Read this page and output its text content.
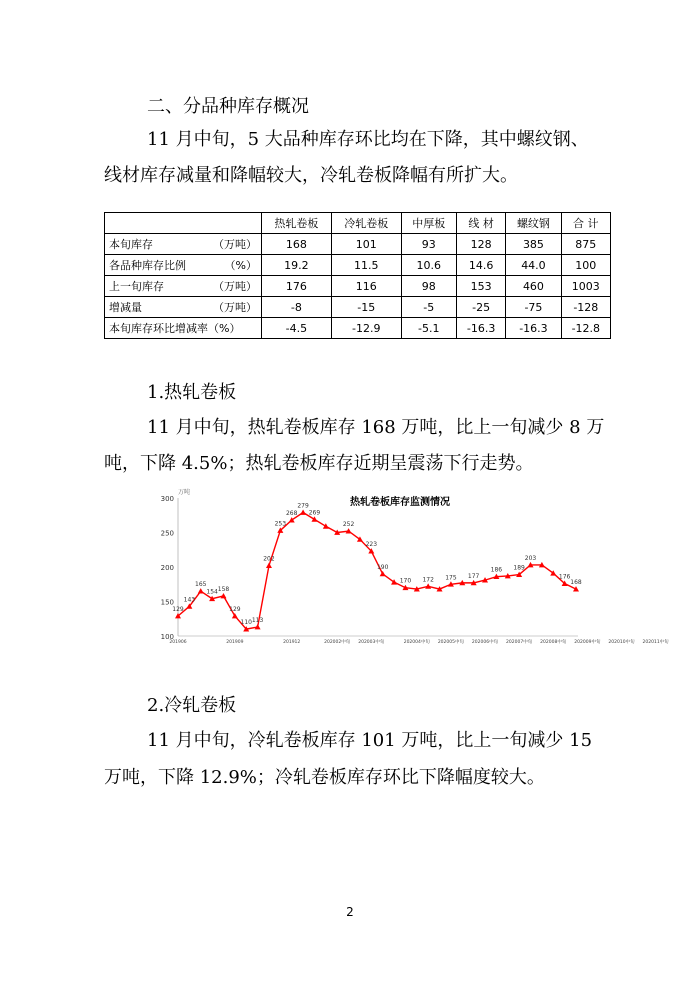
二、分品种库存概况
11 月中旬，5 大品种库存环比均在下降，其中螺纹钢、
线材库存减量和降幅较大，冷轧卷板降幅有所扩大。
	热轧卷板	冷轧卷板	中厚板	线 材	螺纹钢	合 计
本旬库存 （万吨）	168	101	93	128	385	875
各品种库存比例 （%）	19.2	11.5	10.6	14.6	44.0	100
上一旬库存 （万吨）	176	116	98	153	460	1003
增减量 （万吨）	-8	-15	-5	-25	-75	-128
本旬库存环比增减率（%）	-4.5	-12.9	-5.1	-16.3	-16.3	-12.8
1.热轧卷板
11 月中旬，热轧卷板库存 168 万吨，比上一旬减少 8 万
吨，下降 4.5%；热轧卷板库存近期呈震荡下行走势。
热轧卷板库存监测情况
万吨
100
150
200
250
300
201906	201909	201912	202002中旬 202003中旬	202004中旬 202005中旬 202006中旬 202007中旬 202008中旬 202009中旬 202010中旬 202011中旬
129
143
165
154 158
129
110 113
202
253
268
279
269
252
223
190
170 172 175 177
186 189
203
176
168
2.冷轧卷板
11 月中旬，冷轧卷板库存 101 万吨，比上一旬减少 15
万吨，下降 12.9%；冷轧卷板库存环比下降幅度较大。
2
